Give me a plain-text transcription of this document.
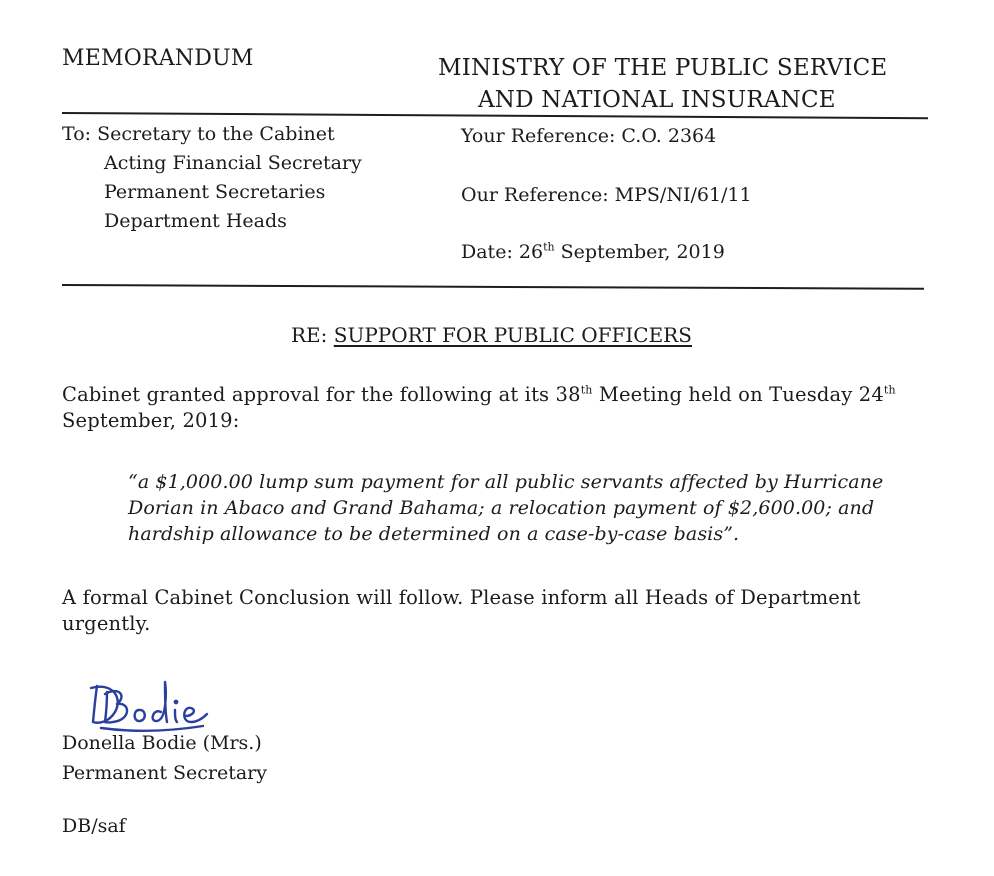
MEMORANDUM	MINISTRY OF THE PUBLIC SERVICE
AND NATIONAL INSURANCE
To: Secretary to the Cabinet
Acting Financial Secretary
Permanent Secretaries
Department Heads
Your Reference: C.O. 2364
Our Reference: MPS/NI/61/11
Date: 26th September, 2019
RE: SUPPORT FOR PUBLIC OFFICERS
Cabinet granted approval for the following at its 38th Meeting held on Tuesday 24th September, 2019:
“a $1,000.00 lump sum payment for all public servants affected by Hurricane Dorian in Abaco and Grand Bahama; a relocation payment of $2,600.00; and hardship allowance to be determined on a case-by-case basis”.
A formal Cabinet Conclusion will follow. Please inform all Heads of Department urgently.
Donella Bodie (Mrs.)
Permanent Secretary
DB/saf
